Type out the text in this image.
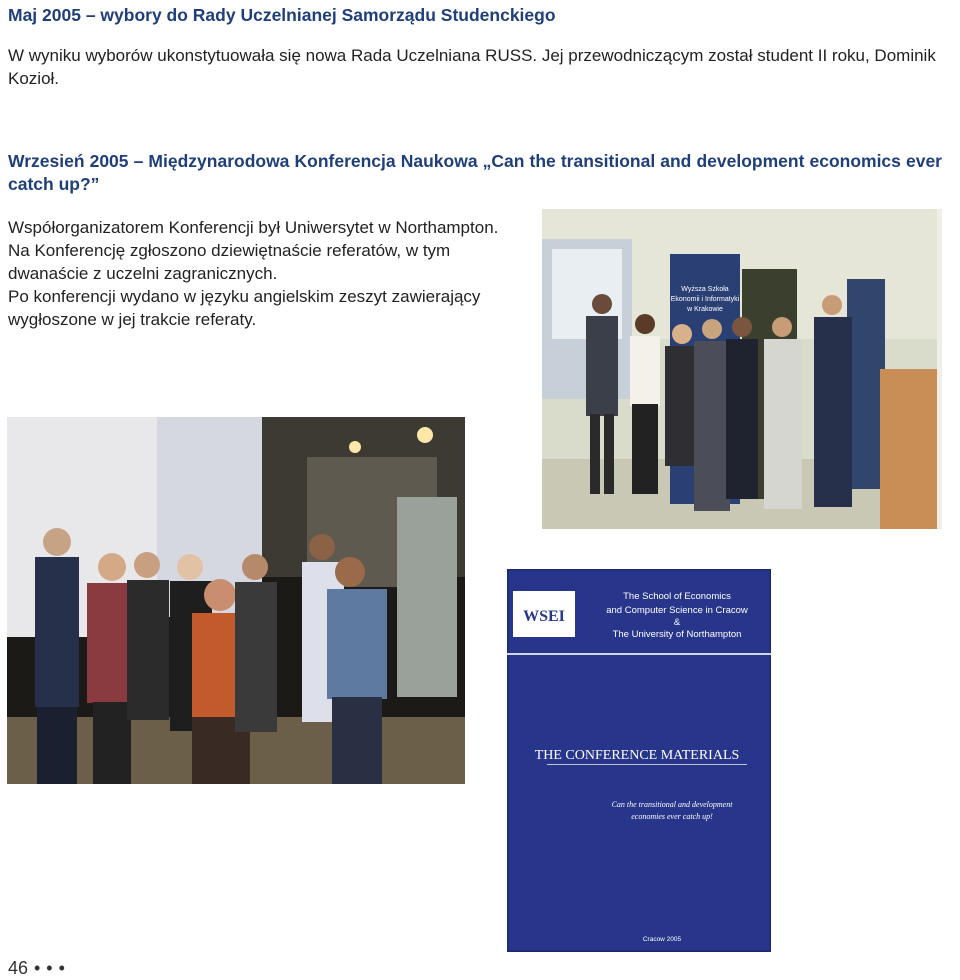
Maj 2005 – wybory do Rady Uczelnianej Samorządu Studenckiego
W wyniku wyborów ukonstytuowała się nowa Rada Uczelniana RUSS. Jej przewodniczącym został student II roku, Dominik Kozioł.
Wrzesień 2005 – Międzynarodowa Konferencja Naukowa „Can the transitional and development economics ever catch up?”
Współorganizatorem Konferencji był Uniwersytet w Northampton.
Na Konferencję zgłoszono dziewiętnaście referatów, w tym dwanaście z uczelni zagranicznych.
Po konferencji wydano w języku angielskim zeszyt zawierający wygłoszone w jej trakcie referaty.
Wyższa Szkoła
Ekonomii i Informatyki
w Krakowie
WSEI
The School of Economics
and Computer Science in Cracow
&
The University of Northampton
THE CONFERENCE MATERIALS
Can the transitional and development
economies ever catch up!
Cracow 2005
46 •••
